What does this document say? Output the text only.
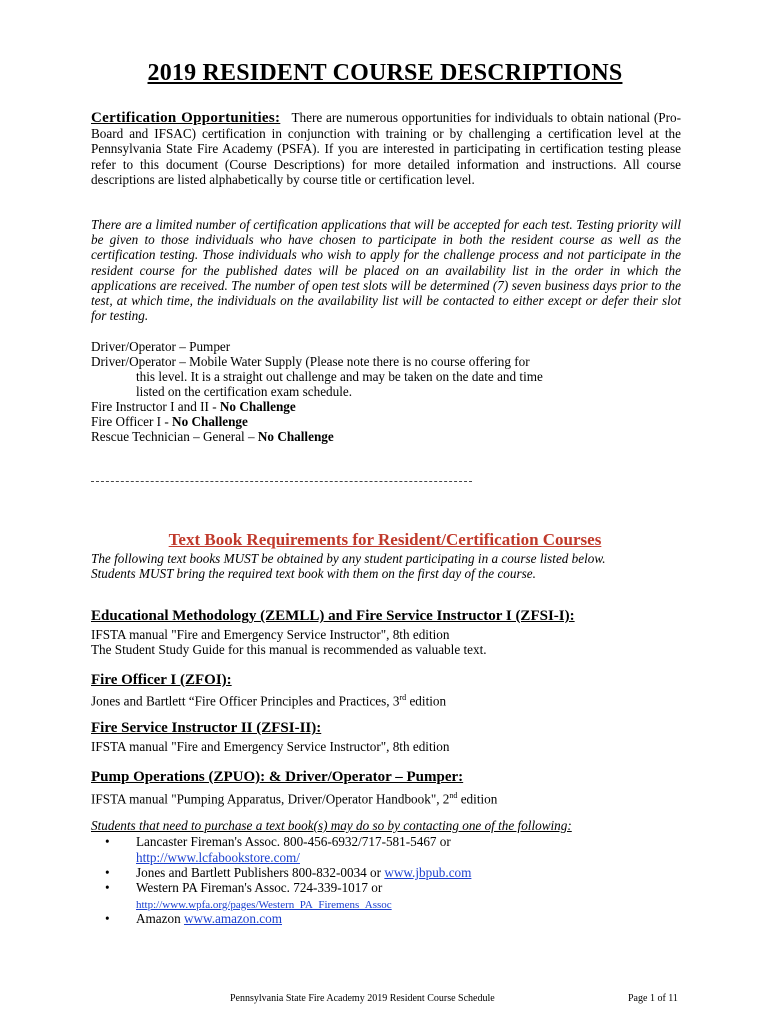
2019 RESIDENT COURSE DESCRIPTIONS
Certification Opportunities: There are numerous opportunities for individuals to obtain national (Pro-Board and IFSAC) certification in conjunction with training or by challenging a certification level at the Pennsylvania State Fire Academy (PSFA). If you are interested in participating in certification testing please refer to this document (Course Descriptions) for more detailed information and instructions. All course descriptions are listed alphabetically by course title or certification level.
There are a limited number of certification applications that will be accepted for each test. Testing priority will be given to those individuals who have chosen to participate in both the resident course as well as the certification testing. Those individuals who wish to apply for the challenge process and not participate in the resident course for the published dates will be placed on an availability list in the order in which the applications are received. The number of open test slots will be determined (7) seven business days prior to the test, at which time, the individuals on the availability list will be contacted to either except or defer their slot for testing.
Driver/Operator – Pumper
Driver/Operator – Mobile Water Supply (Please note there is no course offering for
this level. It is a straight out challenge and may be taken on the date and time
listed on the certification exam schedule.
Fire Instructor I and II - No Challenge
Fire Officer I - No Challenge
Rescue Technician – General – No Challenge
Text Book Requirements for Resident/Certification Courses
The following text books MUST be obtained by any student participating in a course listed below.
Students MUST bring the required text book with them on the first day of the course.
Educational Methodology (ZEMLL) and Fire Service Instructor I (ZFSI-I):
IFSTA manual "Fire and Emergency Service Instructor", 8th edition
The Student Study Guide for this manual is recommended as valuable text.
Fire Officer I (ZFOI):
Jones and Bartlett “Fire Officer Principles and Practices, 3rd edition
Fire Service Instructor II (ZFSI-II):
IFSTA manual "Fire and Emergency Service Instructor", 8th edition
Pump Operations (ZPUO): & Driver/Operator – Pumper:
IFSTA manual "Pumping Apparatus, Driver/Operator Handbook", 2nd edition
Students that need to purchase a text book(s) may do so by contacting one of the following:
• Lancaster Fireman's Assoc. 800-456-6932/717-581-5467 or
http://www.lcfabookstore.com/
• Jones and Bartlett Publishers 800-832-0034 or www.jbpub.com
• Western PA Fireman's Assoc. 724-339-1017 or
http://www.wpfa.org/pages/Western_PA_Firemens_Assoc
• Amazon www.amazon.com
Pennsylvania State Fire Academy 2019 Resident Course Schedule	Page 1 of 11
